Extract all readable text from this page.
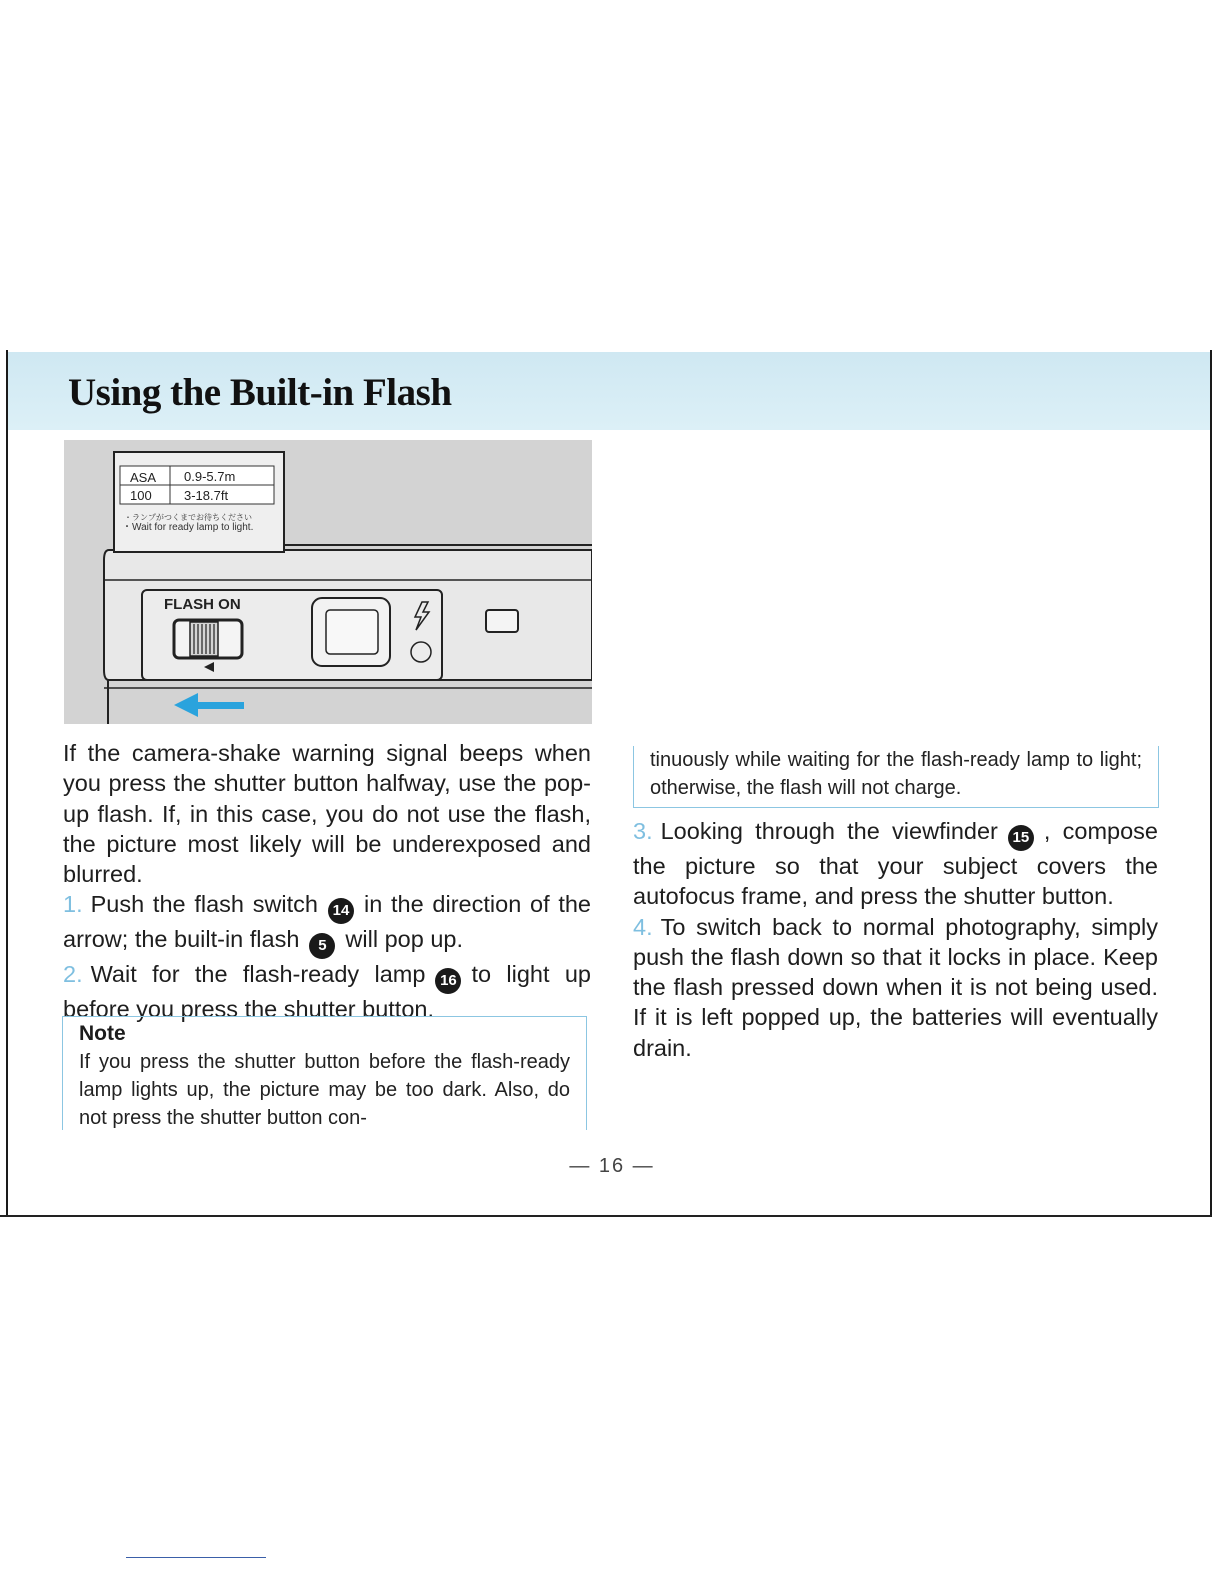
Using the Built-in Flash
ASA 0.9-5.7m
100 3-18.7ft
・ランプがつくまでお待ちください
・Wait for ready lamp to light.
FLASH ON

If the camera-shake warning signal beeps when you press the shutter button halfway, use the pop-up flash. If, in this case, you do not use the flash, the picture most likely will be underexposed and blurred.

1. Push the flash switch 14 in the direction of the arrow; the built-in flash 5 will pop up.

2. Wait for the flash-ready lamp 16 to light up before you press the shutter button.

Note

If you press the shutter button before the flash-ready lamp lights up, the picture may be too dark. Also, do not press the shutter button con-

tinuously while waiting for the flash-ready lamp to light; otherwise, the flash will not charge.

3. Looking through the viewfinder 15 , compose the picture so that your subject covers the autofocus frame, and press the shutter button.

4. To switch back to normal photography, simply push the flash down so that it locks in place. Keep the flash pressed down when it is not being used. If it is left popped up, the batteries will eventually drain.

— 16 —
